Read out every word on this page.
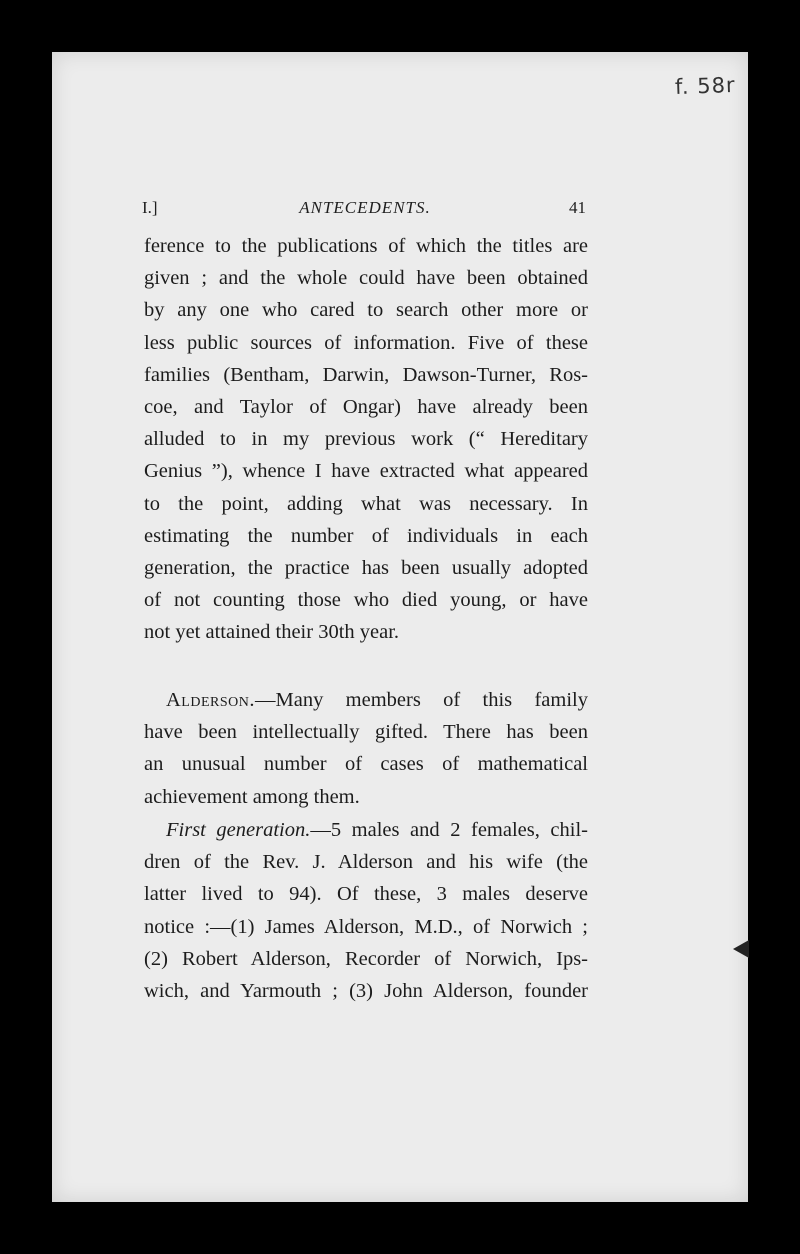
f. 58r
I.]	ANTECEDENTS.	41
ference to the publications of which the titles are
given ; and the whole could have been obtained
by any one who cared to search other more or
less public sources of information. Five of these
families (Bentham, Darwin, Dawson-Turner, Ros-
coe, and Taylor of Ongar) have already been
alluded to in my previous work (“ Hereditary
Genius ”), whence I have extracted what appeared
to the point, adding what was necessary. In
estimating the number of individuals in each
generation, the practice has been usually adopted
of not counting those who died young, or have
not yet attained their 30th year.
Alderson.—Many members of this family
have been intellectually gifted. There has been
an unusual number of cases of mathematical
achievement among them.
First generation.—5 males and 2 females, chil-
dren of the Rev. J. Alderson and his wife (the
latter lived to 94). Of these, 3 males deserve
notice :—(1) James Alderson, M.D., of Norwich ;
(2) Robert Alderson, Recorder of Norwich, Ips-
wich, and Yarmouth ; (3) John Alderson, founder
